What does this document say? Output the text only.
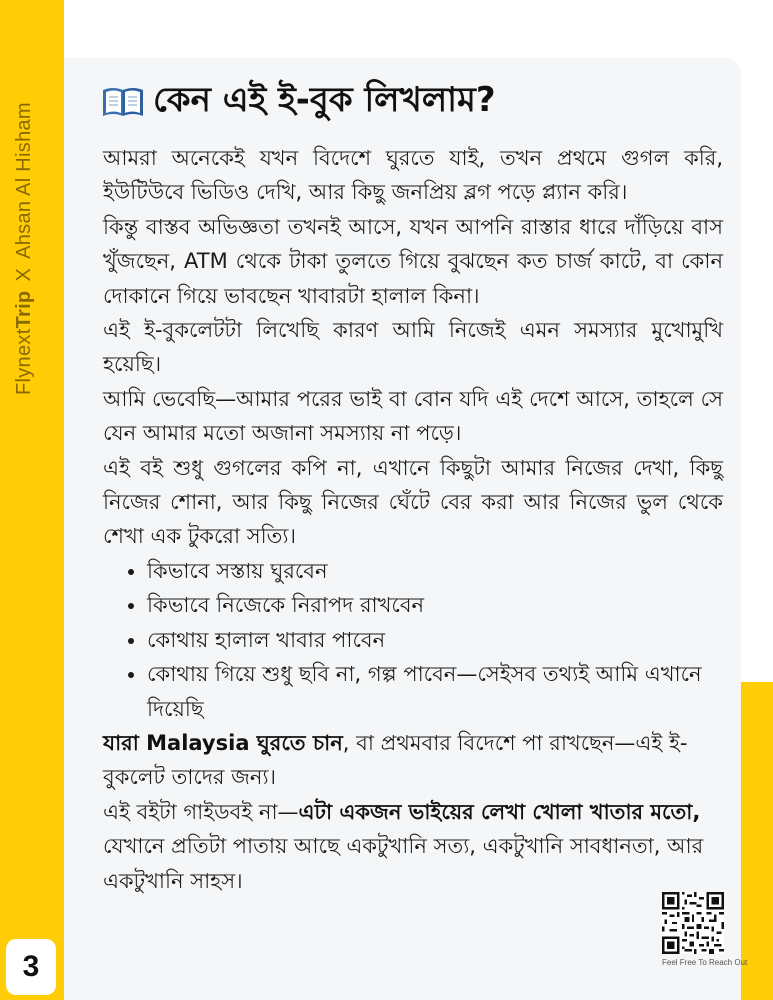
FlynextTripXAhsan Al Hisham
3
কেন এই ই-বুক লিখলাম?

আমরা অনেকেই যখন বিদেশে ঘুরতে যাই, তখন প্রথমে গুগল করি, ইউটিউবে ভিডিও দেখি, আর কিছু জনপ্রিয় ব্লগ পড়ে প্ল্যান করি।

কিন্তু বাস্তব অভিজ্ঞতা তখনই আসে, যখন আপনি রাস্তার ধারে দাঁড়িয়ে বাস খুঁজছেন, ATM থেকে টাকা তুলতে গিয়ে বুঝছেন কত চার্জ কাটে, বা কোন দোকানে গিয়ে ভাবছেন খাবারটা হালাল কিনা।

এই ই-বুকলেটটা লিখেছি কারণ আমি নিজেই এমন সমস্যার মুখোমুখি হয়েছি।

আমি ভেবেছি—আমার পরের ভাই বা বোন যদি এই দেশে আসে, তাহলে সে যেন আমার মতো অজানা সমস্যায় না পড়ে।

এই বই শুধু গুগলের কপি না, এখানে কিছুটা আমার নিজের দেখা, কিছু নিজের শোনা, আর কিছু নিজের ঘেঁটে বের করা আর নিজের ভুল থেকে শেখা এক টুকরো সত্যি।

• কিভাবে সস্তায় ঘুরবেন
• কিভাবে নিজেকে নিরাপদ রাখবেন
• কোথায় হালাল খাবার পাবেন
• কোথায় গিয়ে শুধু ছবি না, গল্প পাবেন—সেইসব তথ্যই আমি এখানে দিয়েছি

যারা Malaysia ঘুরতে চান, বা প্রথমবার বিদেশে পা রাখছেন—এই ই-বুকলেট তাদের জন্য।

এই বইটা গাইডবই না—এটা একজন ভাইয়ের লেখা খোলা খাতার মতো,

যেখানে প্রতিটা পাতায় আছে একটুখানি সত্য, একটুখানি সাবধানতা, আর একটুখানি সাহস।

Feel Free To Reach Out
